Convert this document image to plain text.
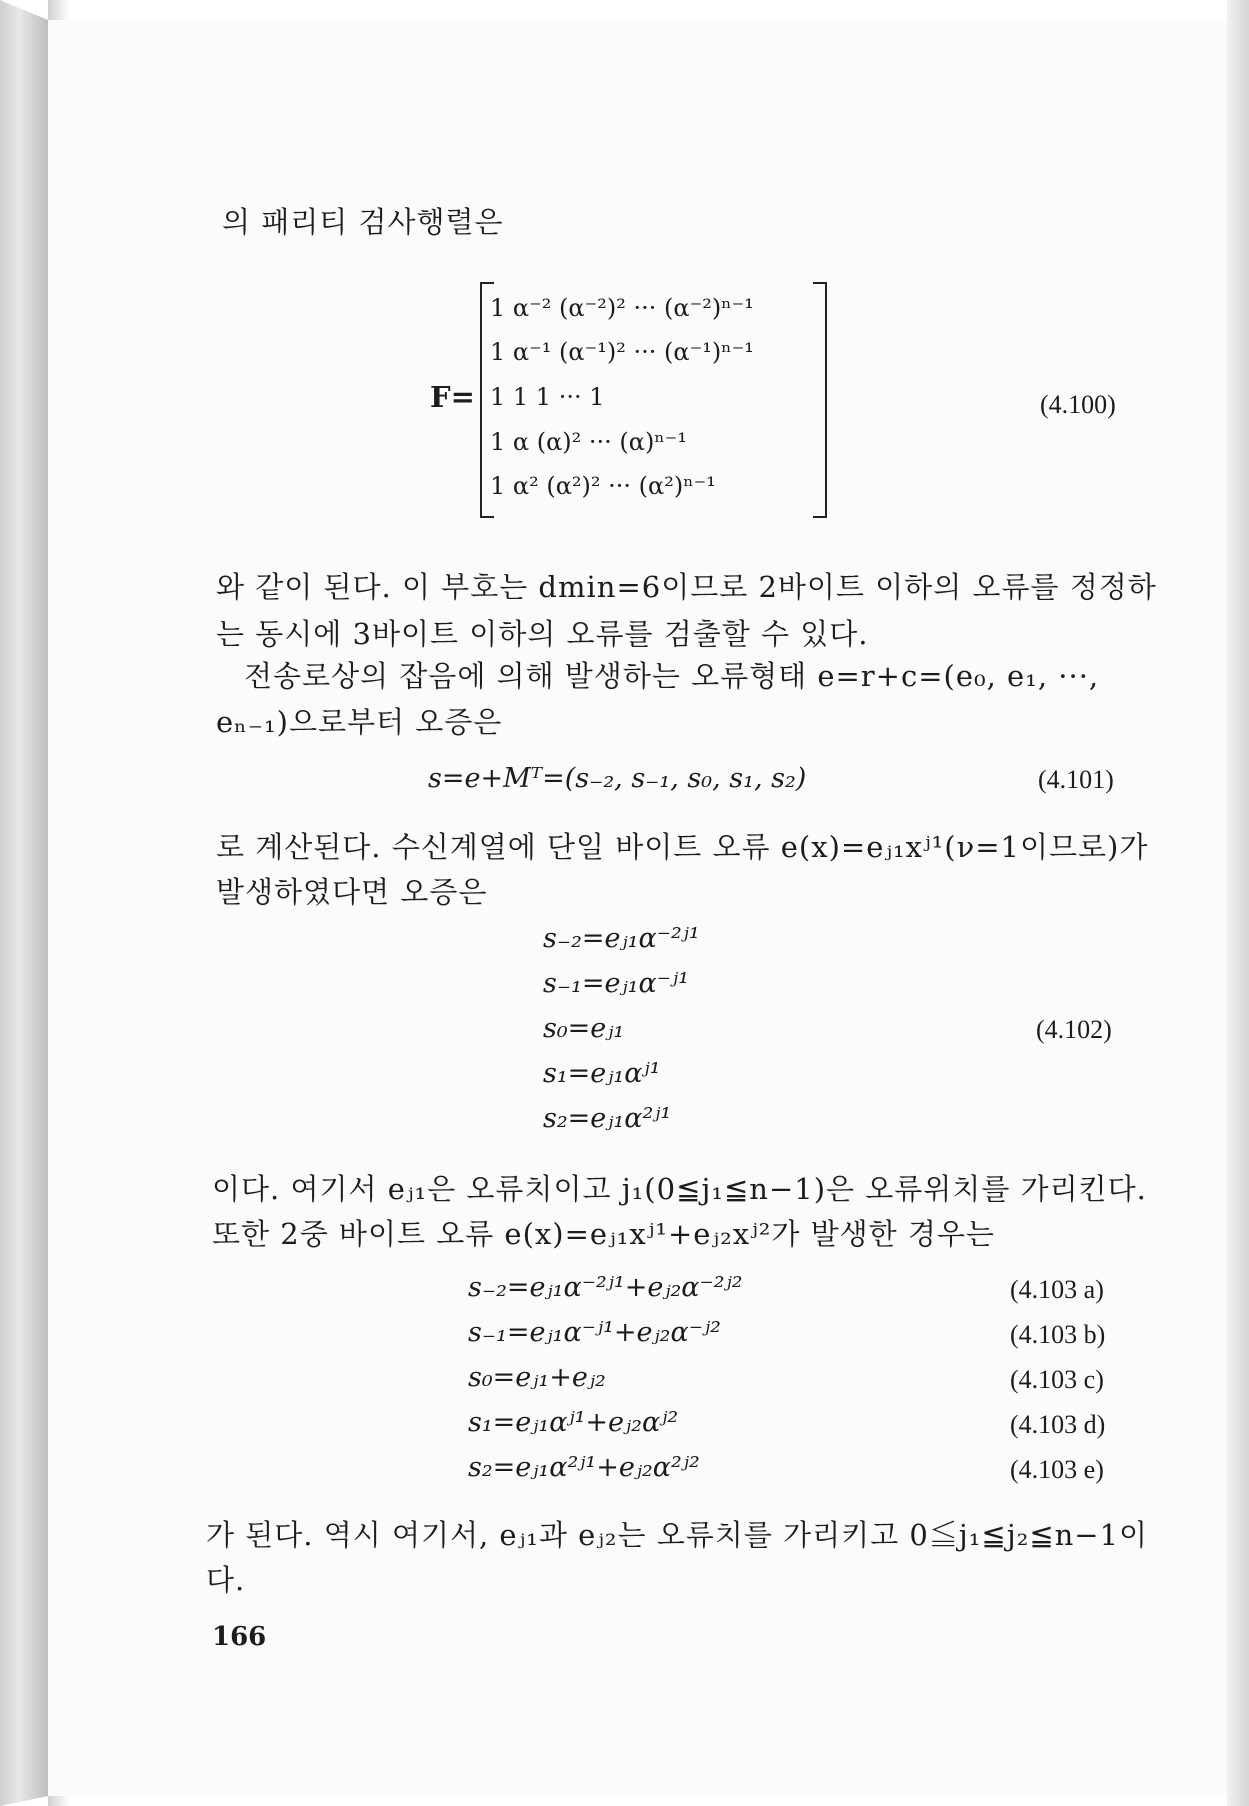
의 패리티 검사행렬은
F=
1 α⁻² (α⁻²)² ··· (α⁻²)ⁿ⁻¹
1 α⁻¹ (α⁻¹)² ··· (α⁻¹)ⁿ⁻¹
1 1 1 ··· 1
1 α (α)² ··· (α)ⁿ⁻¹
1 α² (α²)² ··· (α²)ⁿ⁻¹
(4.100)
와 같이 된다. 이 부호는 dmin=6이므로 2바이트 이하의 오류를 정정하
는 동시에 3바이트 이하의 오류를 검출할 수 있다.
전송로상의 잡음에 의해 발생하는 오류형태 e=r+c=(e₀, e₁, ···,
eₙ₋₁)으로부터 오증은
s=e+Mᵀ=(s₋₂, s₋₁, s₀, s₁, s₂)	(4.101)
로 계산된다. 수신계열에 단일 바이트 오류 e(x)=eⱼ₁xʲ¹(ν=1이므로)가
발생하였다면 오증은
s₋₂=eⱼ₁α⁻²ʲ¹
s₋₁=eⱼ₁α⁻ʲ¹
s₀=eⱼ₁
s₁=eⱼ₁αʲ¹
s₂=eⱼ₁α²ʲ¹
(4.102)
이다. 여기서 eⱼ₁은 오류치이고 j₁(0≦j₁≦n−1)은 오류위치를 가리킨다.
또한 2중 바이트 오류 e(x)=eⱼ₁xʲ¹+eⱼ₂xʲ²가 발생한 경우는
s₋₂=eⱼ₁α⁻²ʲ¹+eⱼ₂α⁻²ʲ²	(4.103 a)
s₋₁=eⱼ₁α⁻ʲ¹+eⱼ₂α⁻ʲ²	(4.103 b)
s₀=eⱼ₁+eⱼ₂	(4.103 c)
s₁=eⱼ₁αʲ¹+eⱼ₂αʲ²	(4.103 d)
s₂=eⱼ₁α²ʲ¹+eⱼ₂α²ʲ²	(4.103 e)
가 된다. 역시 여기서, eⱼ₁과 eⱼ₂는 오류치를 가리키고 0≦j₁≦j₂≦n−1이
다.
166
